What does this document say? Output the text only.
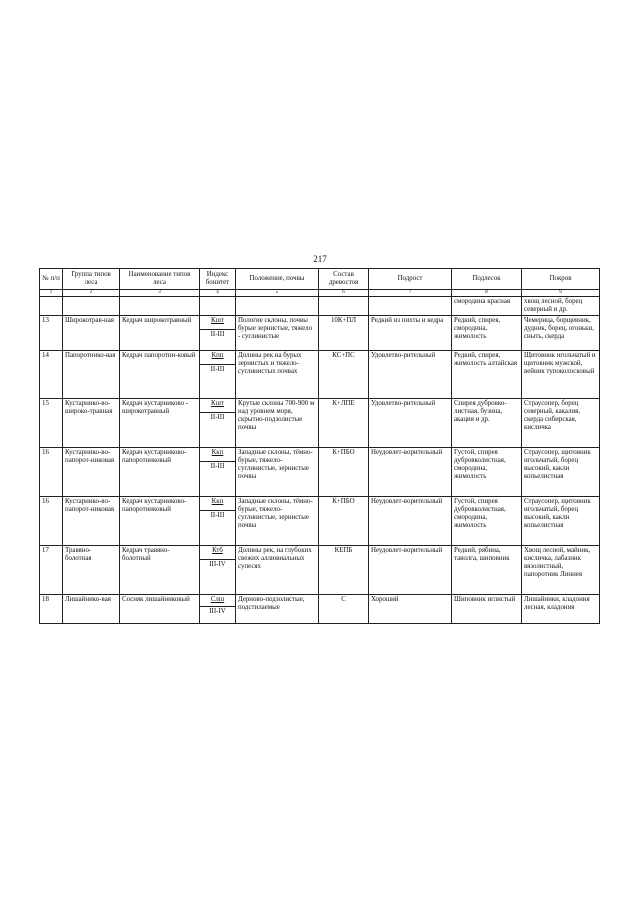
217
№ п/п	Группа типов леса	Наименование типов леса	Индекс бонитет	Положение, почвы	Состав древостоя	Подрост	Подлесок	Покров
1	2	3	4	5	6	7	8	9
							смородина красная	хвощ лесной, борец северный и др.
13	Широкотрав-ная	Кедрач широкотравный	Кшт	Пологие склоны, почвы бурые зернистые, тяжело - суглинистые	10К+ПЛ	Редкий из пихты и кедра	Редкий, спирея, смородина, жимолость	Чемерица, борщевник, дудник, борец, огоньки, сныть, скерда
			II-III					
14	Папоротнико-вая	Кедрач папоротни-ковый	Кпп	Долины рек на бурых зернистых и тяжело-суглинистых почвах	КС+ПС	Удовлетво-рительный	Редкий, спирея, жимолость алтайская	Щитовник игольчатый и щитовник мужской, вейник тупоколосковый
			II-III					
15	Кустарнико-во-широко-травная	Кедрач кустарниково - широкотравный	Кшт	Крутые склоны 700-900 м над уровнем моря, скрытно-подзолистые почвы	К+ЛПЕ	Удовлетво-рительный	Спирея дубровко-листная, бузина, акация и др.	Страусопер, борец северный, какалия, скерда сибирская, кисличка
			II-III					
16	Кустарнико-во-папорот-никовая	Кедрач кустарниково-папоротниковый	Ккп	Западные склоны, тёмно-бурые, тяжело-суглинистые, зернистые почвы	К+ПБО	Неудовлет-ворительный	Густой, спирея дубровколистная, смородина, жимолость	Страусопер, щитовник игольчатый, борец высокий, какли копьелистная
			II-III					
16	Кустарнико-во-папорот-никовая	Кедрач кустарниково-папоротниковый	Ккп	Западные склоны, тёмно-бурые, тяжело-суглинистые, зернистые почвы	К+ПБО	Неудовлет-ворительный	Густой, спирея дубровколистная, смородина, жимолость	Страусопер, щитовник игольчатый, борец высокий, какли копьелистная
			II-III					
17	Травяно-болотная	Кедрач травяно-болотный	Ктб	Долины рек, на глубоких свежих аллювиальных супесях	КЕПБ	Неудовлет-ворительный	Редкий, рябина, таволга, шиповник	Хвощ лесной, майник, кисличка, лабазник вязолистный, папоротник Линнея
			III-IV					
18	Лишайнико-вая	Сосняк лишайниковый	Слш	Дерново-подзолистые, подстилаемые	С	Хороший	Шиповник иглистый	Лишайники, кладония лесная, кладония
			III-IV					
